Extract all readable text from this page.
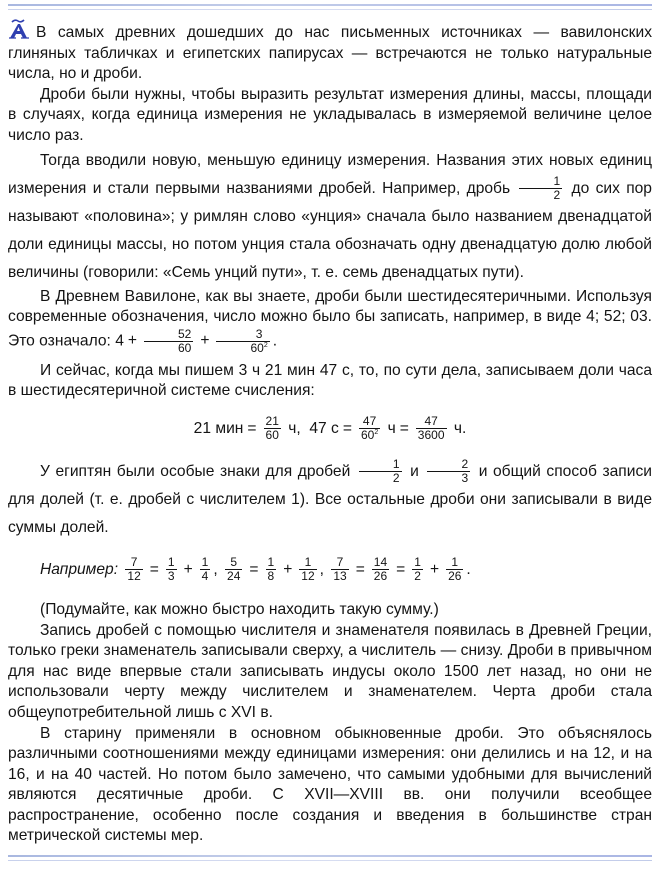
В самых древних дошедших до нас письменных источниках — вавилонских глиняных табличках и египетских папирусах — встречаются не только натуральные числа, но и дроби.

Дроби были нужны, чтобы выразить результат измерения длины, массы, площади в случаях, когда единица измерения не укладывалась в измеряемой величине целое число раз.

Тогда вводили новую, меньшую единицу измерения. Названия этих новых единиц измерения и стали первыми названиями дробей. Например, дробь $\frac{1}{2}$ до сих пор называют «половина»; у римлян слово «унция» сначала было названием двенадцатой доли единицы массы, но потом унция стала обозначать одну двенадцатую долю любой величины (говорили: «Семь унций пути», т. е. семь двенадцатых пути).

В Древнем Вавилоне, как вы знаете, дроби были шестидесятеричными. Используя современные обозначения, число можно было бы записать, например, в виде 4; 52; 03. Это означало: $4 + \frac{52}{60} + \frac{3}{60^2}$ .

И сейчас, когда мы пишем 3 ч 21 мин 47 с, то, по сути дела, записываем доли часа в шестидесятеричной системе счисления:

21 мин = $\frac{21}{60} ч$, 47 $с = \frac{47}{60^2}$ $ч = \frac{47}{3600} ч$.

У египтян были особые знаки для дробей $\frac{1}{2}$ и $\frac{2}{3}$ и общий способ записи для долей (т. е. дробей с числителем 1). Все остальные дроби они записывали в виде суммы долей.

Например: $\frac{7}{12} = \frac{1}{3} + \frac{1}{4}$ , $\frac{5}{24} = \frac{1}{8} + \frac{1}{12}$ , $\frac{7}{13} = \frac{14}{26} = \frac{1}{2} + \frac{1}{26}$ .

(Подумайте, как можно быстро находить такую сумму.)

Запись дробей с помощью числителя и знаменателя появилась в Древней Греции, только греки знаменатель записывали сверху, а числитель — снизу. Дроби в привычном для нас виде впервые стали записывать индусы около 1500 лет назад, но они не использовали черту между числителем и знаменателем. Черта дроби стала общеупотребительной лишь с XVI в.

В старину применяли в основном обыкновенные дроби. Это объяснялось различными соотношениями между единицами измерения: они делились и на 12, и на 16, и на 40 частей. Но потом было замечено, что самыми удобными для вычислений являются десятичные дроби. С XVII—XVIII вв. они получили всеобщее распространение, особенно после создания и введения в большинстве стран метрической системы мер.
